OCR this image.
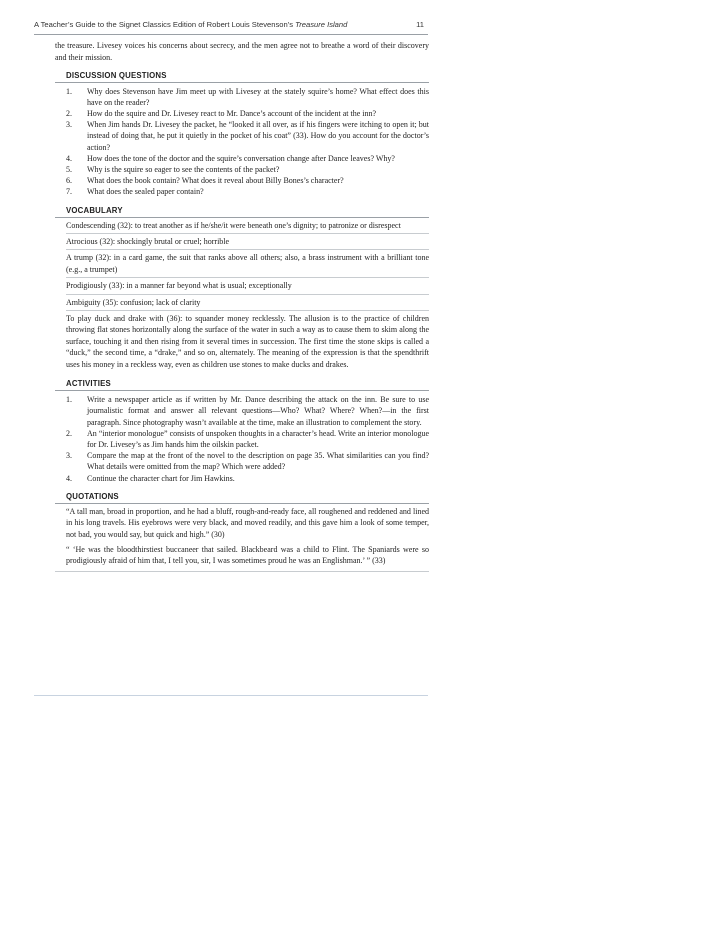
A Teacher’s Guide to the Signet Classics Edition of Robert Louis Stevenson’s Treasure Island	11

the treasure. Livesey voices his concerns about secrecy, and the men agree not to breathe a word of their discovery and their mission.

DISCUSSION QUESTIONS
1. Why does Stevenson have Jim meet up with Livesey at the stately squire’s home? What effect does this have on the reader?
2. How do the squire and Dr. Livesey react to Mr. Dance’s account of the incident at the inn?
3. When Jim hands Dr. Livesey the packet, he “looked it all over, as if his fingers were itching to open it; but instead of doing that, he put it quietly in the pocket of his coat” (33). How do you account for the doctor’s action?
4. How does the tone of the doctor and the squire’s conversation change after Dance leaves? Why?
5. Why is the squire so eager to see the contents of the packet?
6. What does the book contain? What does it reveal about Billy Bones’s character?
7. What does the sealed paper contain?
VOCABULARY
Condescending (32): to treat another as if he/she/it were beneath one’s dignity; to patronize or disrespect
Atrocious (32): shockingly brutal or cruel; horrible
A trump (32): in a card game, the suit that ranks above all others; also, a brass instrument with a brilliant tone (e.g., a trumpet)
Prodigiously (33): in a manner far beyond what is usual; exceptionally
Ambiguity (35): confusion; lack of clarity
To play duck and drake with (36): to squander money recklessly. The allusion is to the practice of children throwing flat stones horizontally along the surface of the water in such a way as to cause them to skim along the surface, touching it and then rising from it several times in succession. The first time the stone skips is called a “duck,” the second time, a “drake,” and so on, alternately. The meaning of the expression is that the spendthrift uses his money in a reckless way, even as children use stones to make ducks and drakes.
ACTIVITIES
1. Write a newspaper article as if written by Mr. Dance describing the attack on the inn. Be sure to use journalistic format and answer all relevant questions—Who? What? Where? When?—in the first paragraph. Since photography wasn’t available at the time, make an illustration to complement the story.
2. An “interior monologue” consists of unspoken thoughts in a character’s head. Write an interior monologue for Dr. Livesey’s as Jim hands him the oilskin packet.
3. Compare the map at the front of the novel to the description on page 35. What similarities can you find? What details were omitted from the map? Which were added?
4. Continue the character chart for Jim Hawkins.
QUOTATIONS
“A tall man, broad in proportion, and he had a bluff, rough-and-ready face, all roughened and reddened and lined in his long travels. His eyebrows were very black, and moved readily, and this gave him a look of some temper, not bad, you would say, but quick and high.” (30)
“ ‘He was the bloodthirstiest buccaneer that sailed. Blackbeard was a child to Flint. The Spaniards were so prodigiously afraid of him that, I tell you, sir, I was sometimes proud he was an Englishman.’ ” (33)
